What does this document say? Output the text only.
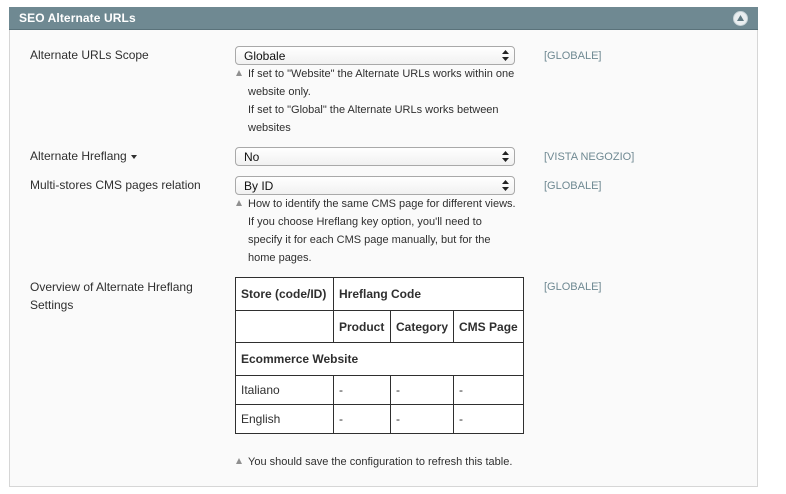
SEO Alternate URLs
Alternate URLs Scope	Globale	[GLOBALE]
If set to "Website" the Alternate URLs works within one
website only.
If set to "Global" the Alternate URLs works between
websites
Alternate Hreflang	No	[VISTA NEGOZIO]
Multi-stores CMS pages relation	By ID	[GLOBALE]
How to identify the same CMS page for different views.
If you choose Hreflang key option, you'll need to
specify it for each CMS page manually, but for the
home pages.
Overview of Alternate Hreflang
Settings
[GLOBALE]
Store (code/ID)	Hreflang Code		
	Product	Category	CMS Page
Ecommerce Website			
Italiano	-	-	-
English	-	-	-
You should save the configuration to refresh this table.
